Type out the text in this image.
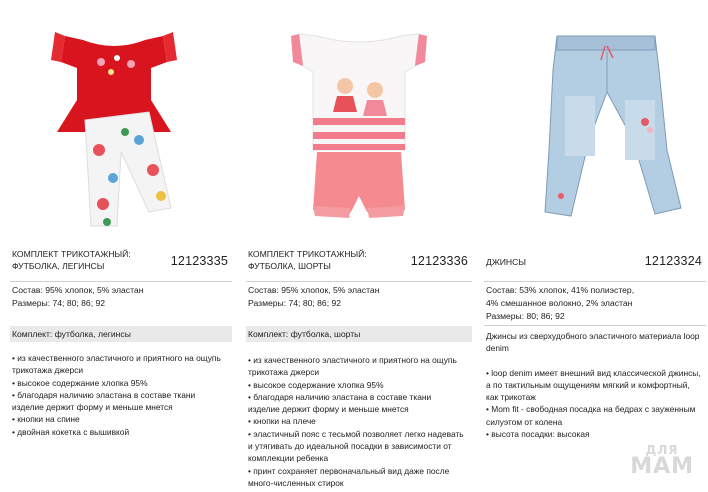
КОМПЛЕКТ ТРИКОТАЖНЫЙ: ФУТБОЛКА, ЛЕГИНСЫ	12123335
Состав: 95% хлопок, 5% эластан
Размеры: 74; 80; 86; 92
Комплект: футболка, легинсы
• из качественного эластичного и приятного на ощупь трикотажа джерси
• высокое содержание хлопка 95%
• благодаря наличию эластана в составе ткани изделие держит форму и меньше мнется
• кнопки на спине
• двойная кокетка с вышивкой
КОМПЛЕКТ ТРИКОТАЖНЫЙ: ФУТБОЛКА, ШОРТЫ	12123336
Состав: 95% хлопок, 5% эластан
Размеры: 74; 80; 86; 92
Комплект: футболка, шорты
• из качественного эластичного и приятного на ощупь трикотажа джерси
• высокое содержание хлопка 95%
• благодаря наличию эластана в составе ткани изделие держит форму и меньше мнется
• кнопки на плече
• эластичный пояс с тесьмой позволяет легко надевать и утягивать до идеальной посадки в зависимости от комплекции ребенка
• принт сохраняет первоначальный вид даже после много-численных стирок
ДЖИНСЫ	12123324
Состав: 53% хлопок, 41% полиэстер,
4% смешанное волокно, 2% эластан
Размеры: 80; 86; 92

Джинсы из сверхудобного эластичного материала loop denim

• loop denim имеет внешний вид классической джинсы, а по тактильным ощущениям мягкий и комфортный, как трикотаж
• Mom fit - свободная посадка на бедрах с зауженным силуэтом от колена
• высота посадки: высокая
ДЛЯ
МАМ
